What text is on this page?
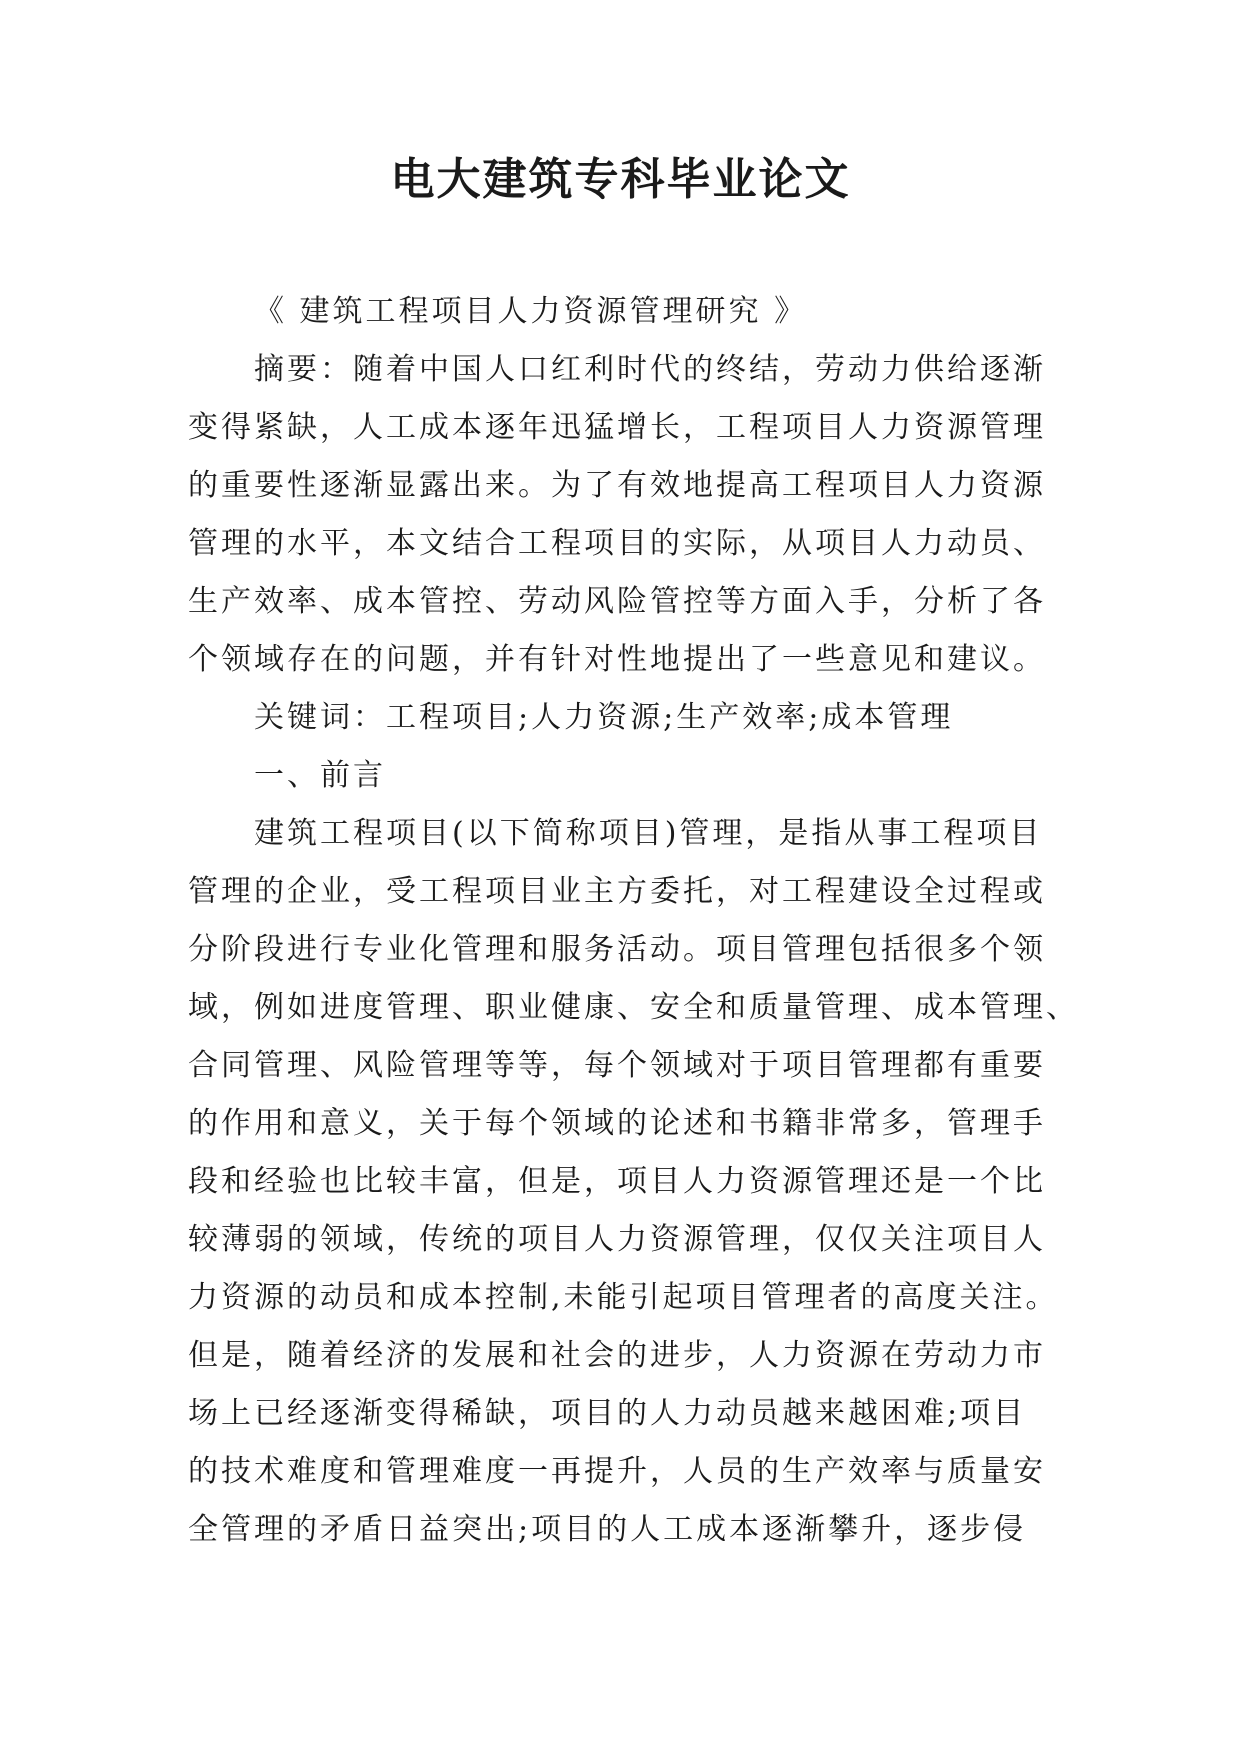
电大建筑专科毕业论文
《 建筑工程项目人力资源管理研究 》
摘要：随着中国人口红利时代的终结，劳动力供给逐渐
变得紧缺，人工成本逐年迅猛增长，工程项目人力资源管理
的重要性逐渐显露出来。为了有效地提高工程项目人力资源
管理的水平，本文结合工程项目的实际，从项目人力动员、
生产效率、成本管控、劳动风险管控等方面入手，分析了各
个领域存在的问题，并有针对性地提出了一些意见和建议。
关键词：工程项目;人力资源;生产效率;成本管理
一、前言
建筑工程项目(以下简称项目)管理，是指从事工程项目
管理的企业，受工程项目业主方委托，对工程建设全过程或
分阶段进行专业化管理和服务活动。项目管理包括很多个领
域，例如进度管理、职业健康、安全和质量管理、成本管理、
合同管理、风险管理等等，每个领域对于项目管理都有重要
的作用和意义，关于每个领域的论述和书籍非常多，管理手
段和经验也比较丰富，但是，项目人力资源管理还是一个比
较薄弱的领域，传统的项目人力资源管理，仅仅关注项目人
力资源的动员和成本控制,未能引起项目管理者的高度关注。
但是，随着经济的发展和社会的进步，人力资源在劳动力市
场上已经逐渐变得稀缺，项目的人力动员越来越困难;项目
的技术难度和管理难度一再提升，人员的生产效率与质量安
全管理的矛盾日益突出;项目的人工成本逐渐攀升，逐步侵
